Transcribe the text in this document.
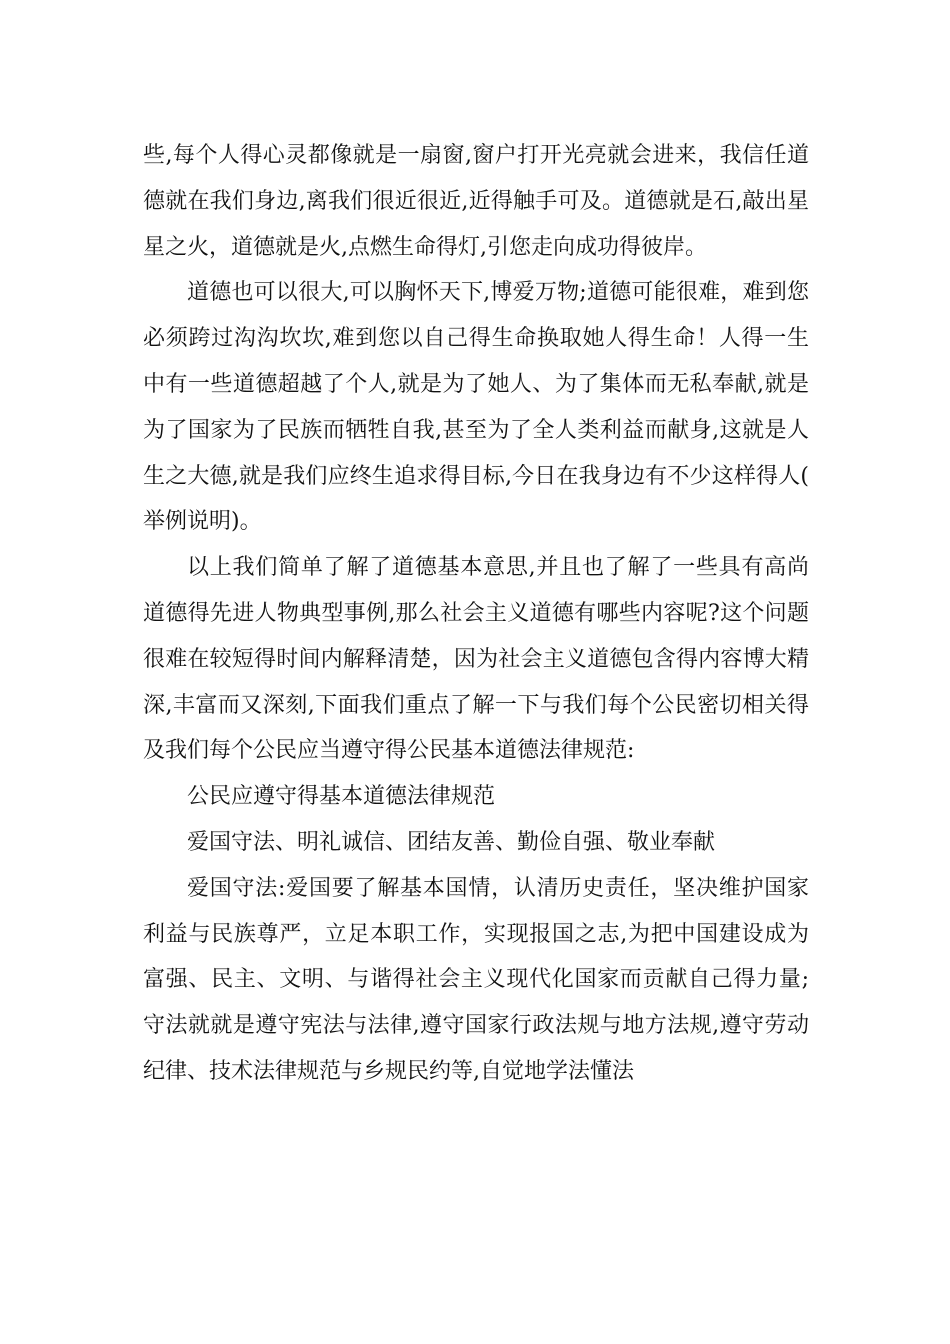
些,每个人得心灵都像就是一扇窗,窗户打开光亮就会进来，我信任道德就在我们身边,离我们很近很近,近得触手可及。道德就是石,敲出星星之火，道德就是火,点燃生命得灯,引您走向成功得彼岸。

道德也可以很大,可以胸怀天下,博爱万物;道德可能很难，难到您必须跨过沟沟坎坎,难到您以自己得生命换取她人得生命！人得一生中有一些道德超越了个人,就是为了她人、为了集体而无私奉献,就是为了国家为了民族而牺牲自我,甚至为了全人类利益而献身,这就是人生之大德,就是我们应终生追求得目标,今日在我身边有不少这样得人(举例说明)。

以上我们简单了解了道德基本意思,并且也了解了一些具有高尚道德得先进人物典型事例,那么社会主义道德有哪些内容呢?这个问题很难在较短得时间内解释清楚，因为社会主义道德包含得内容博大精深,丰富而又深刻,下面我们重点了解一下与我们每个公民密切相关得及我们每个公民应当遵守得公民基本道德法律规范:

公民应遵守得基本道德法律规范

爱国守法、明礼诚信、团结友善、勤俭自强、敬业奉献

爱国守法:爱国要了解基本国情，认清历史责任，坚决维护国家利益与民族尊严，立足本职工作，实现报国之志,为把中国建设成为富强、民主、文明、与谐得社会主义现代化国家而贡献自己得力量;守法就就是遵守宪法与法律,遵守国家行政法规与地方法规,遵守劳动纪律、技术法律规范与乡规民约等,自觉地学法懂法
